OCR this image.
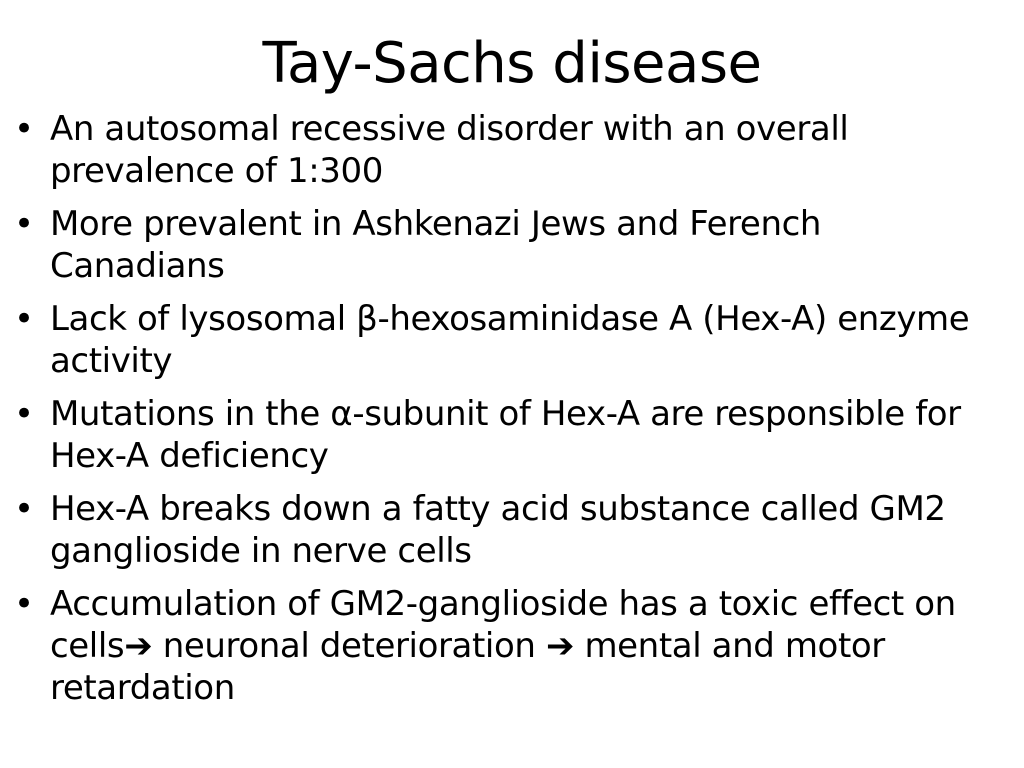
Tay-Sachs disease
• An autosomal recessive disorder with an overall prevalence of 1:300
• More prevalent in Ashkenazi Jews and Ferench Canadians
• Lack of lysosomal β-hexosaminidase A (Hex-A) enzyme activity
• Mutations in the α-subunit of Hex-A are responsible for Hex-A deficiency
• Hex-A breaks down a fatty acid substance called GM2 ganglioside in nerve cells
• Accumulation of GM2-ganglioside has a toxic effect on cells➔ neuronal deterioration ➔ mental and motor retardation
